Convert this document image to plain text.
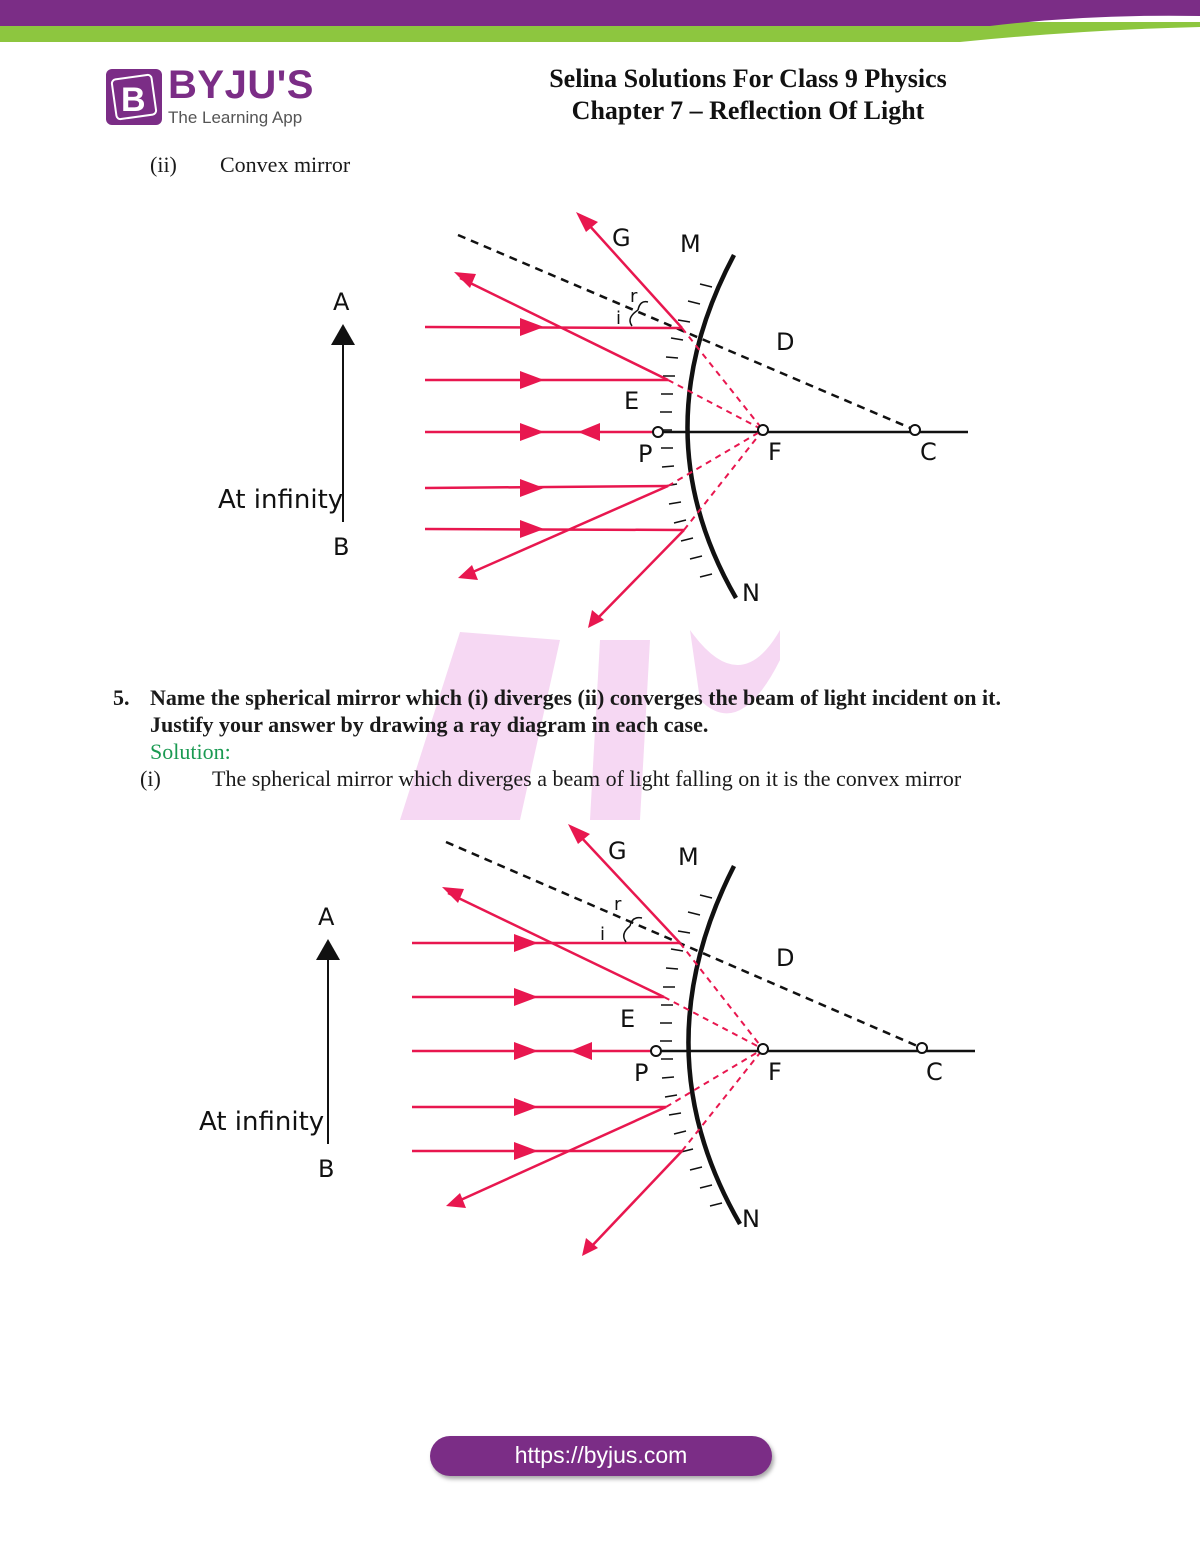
B BYJU'S
The Learning App
Selina Solutions For Class 9 Physics
Chapter 7 – Reflection Of Light
(ii) Convex mirror
A
B
At infinity
G M
r
i
D
E
P	F	C
N
5. Name the spherical mirror which (i) diverges (ii) converges the beam of light incident on it.
Justify your answer by drawing a ray diagram in each case.
Solution:
(i) The spherical mirror which diverges a beam of light falling on it is the convex mirror
A
B
At infinity
G M
r
i
D
E
P	F	C
N
https://byjus.com
